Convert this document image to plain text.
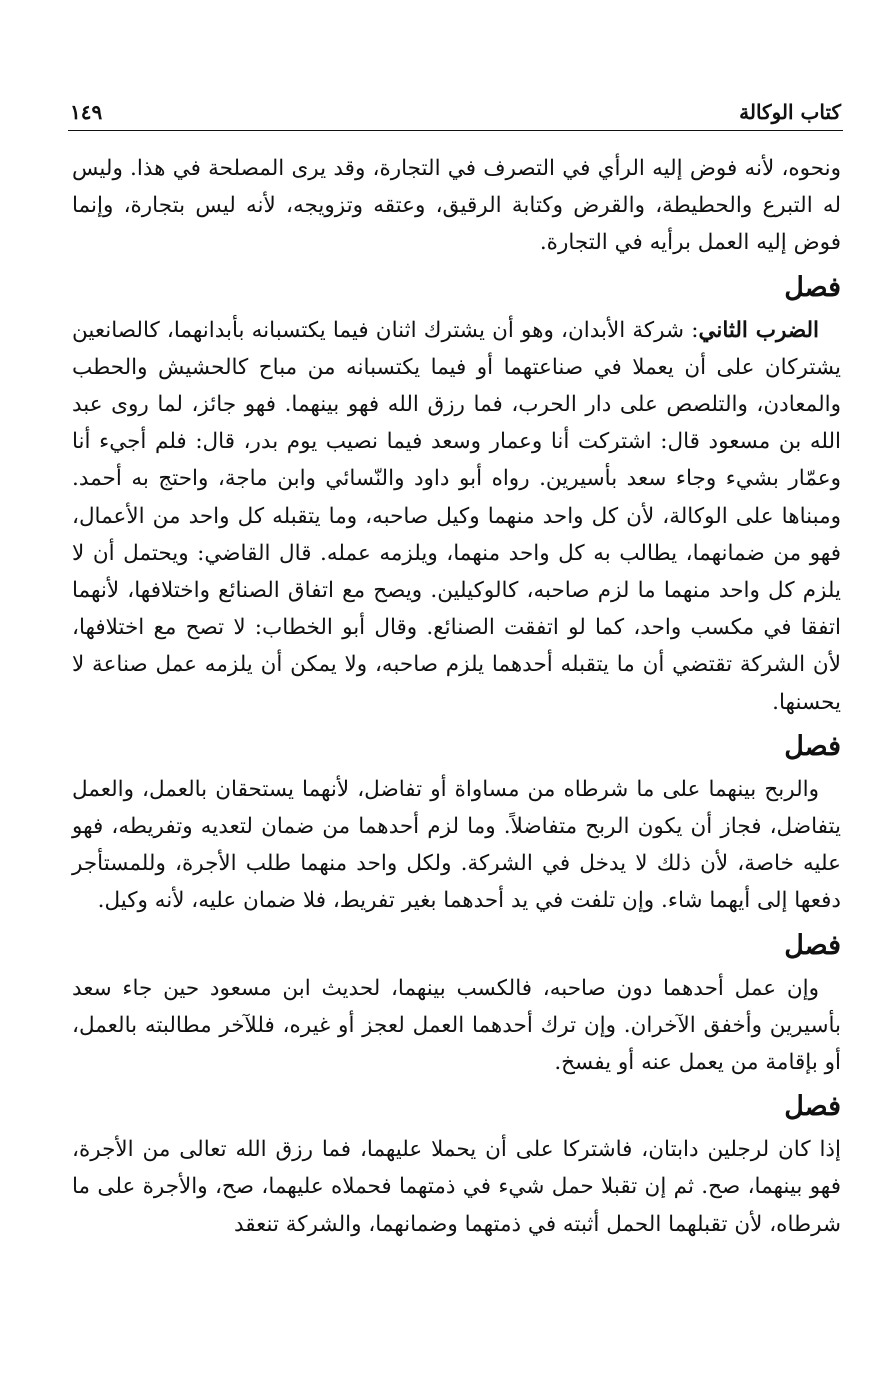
كتاب الوكالة
١٤٩

ونحوه، لأنه فوض إليه الرأي في التصرف في التجارة، وقد يرى المصلحة في هذا. وليس له التبرع والحطيطة، والقرض وكتابة الرقيق، وعتقه وتزويجه، لأنه ليس بتجارة، وإنما فوض إليه العمل برأيه في التجارة.

فصل

الضرب الثاني: شركة الأبدان، وهو أن يشترك اثنان فيما يكتسبانه بأبدانهما، كالصانعين يشتركان على أن يعملا في صناعتهما أو فيما يكتسبانه من مباح كالحشيش والحطب والمعادن، والتلصص على دار الحرب، فما رزق الله فهو بينهما. فهو جائز، لما روى عبد الله بن مسعود قال: اشتركت أنا وعمار وسعد فيما نصيب يوم بدر، قال: فلم أجيء أنا وعمّار بشيء وجاء سعد بأسيرين. رواه أبو داود والنّسائي وابن ماجة، واحتج به أحمد. ومبناها على الوكالة، لأن كل واحد منهما وكيل صاحبه، وما يتقبله كل واحد من الأعمال، فهو من ضمانهما، يطالب به كل واحد منهما، ويلزمه عمله. قال القاضي: ويحتمل أن لا يلزم كل واحد منهما ما لزم صاحبه، كالوكيلين. ويصح مع اتفاق الصنائع واختلافها، لأنهما اتفقا في مكسب واحد، كما لو اتفقت الصنائع. وقال أبو الخطاب: لا تصح مع اختلافها، لأن الشركة تقتضي أن ما يتقبله أحدهما يلزم صاحبه، ولا يمكن أن يلزمه عمل صناعة لا يحسنها.

فصل

والربح بينهما على ما شرطاه من مساواة أو تفاضل، لأنهما يستحقان بالعمل، والعمل يتفاضل، فجاز أن يكون الربح متفاضلاً. وما لزم أحدهما من ضمان لتعديه وتفريطه، فهو عليه خاصة، لأن ذلك لا يدخل في الشركة. ولكل واحد منهما طلب الأجرة، وللمستأجر دفعها إلى أيهما شاء. وإن تلفت في يد أحدهما بغير تفريط، فلا ضمان عليه، لأنه وكيل.

فصل

وإن عمل أحدهما دون صاحبه، فالكسب بينهما، لحديث ابن مسعود حين جاء سعد بأسيرين وأخفق الآخران. وإن ترك أحدهما العمل لعجز أو غيره، فللآخر مطالبته بالعمل، أو بإقامة من يعمل عنه أو يفسخ.

فصل

إذا كان لرجلين دابتان، فاشتركا على أن يحملا عليهما، فما رزق الله تعالى من الأجرة، فهو بينهما، صح. ثم إن تقبلا حمل شيء في ذمتهما فحملاه عليهما، صح، والأجرة على ما شرطاه، لأن تقبلهما الحمل أثبته في ذمتهما وضمانهما، والشركة تنعقد
